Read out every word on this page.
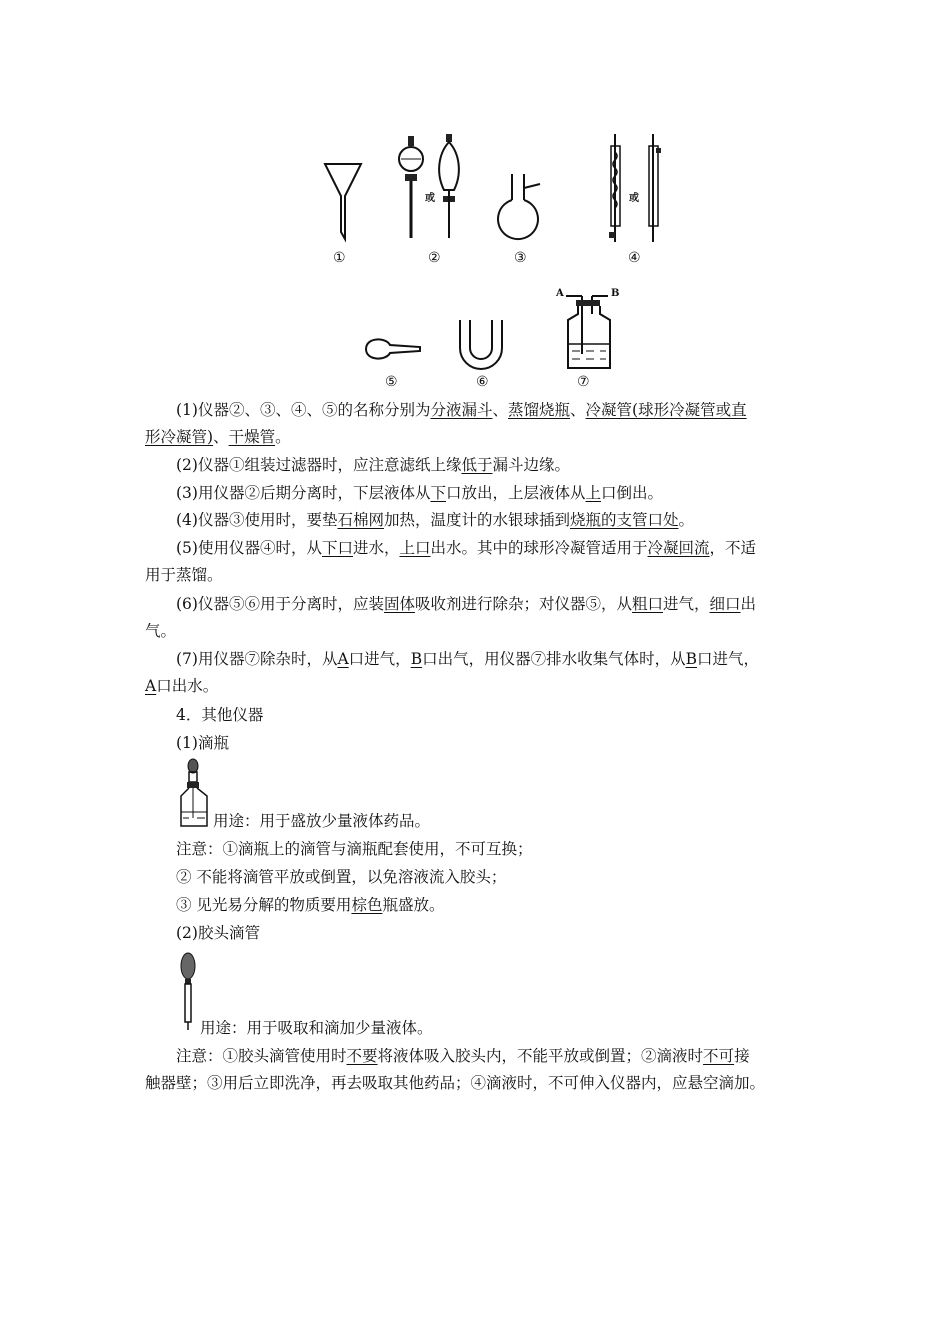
①
或
②	③
或
④
⑤	⑥
A	B
⑦

(1)仪器②、③、④、⑤的名称分别为分液漏斗、蒸馏烧瓶、冷凝管(球形冷凝管或直
形冷凝管)、干燥管。

(2)仪器①组装过滤器时，应注意滤纸上缘低于漏斗边缘。

(3)用仪器②后期分离时，下层液体从下口放出，上层液体从上口倒出。

(4)仪器③使用时，要垫石棉网加热，温度计的水银球插到烧瓶的支管口处。

(5)使用仪器④时，从下口进水，上口出水。其中的球形冷凝管适用于冷凝回流，不适
用于蒸馏。

(6)仪器⑤⑥用于分离时，应装固体吸收剂进行除杂；对仪器⑤，从粗口进气，细口出
气。

(7)用仪器⑦除杂时，从A口进气，B口出气，用仪器⑦排水收集气体时，从B口进气，
A口出水。

4．其他仪器

(1)滴瓶

用途：用于盛放少量液体药品。

注意：①滴瓶上的滴管与滴瓶配套使用，不可互换；

② 不能将滴管平放或倒置，以免溶液流入胶头；

③ 见光易分解的物质要用棕色瓶盛放。

(2)胶头滴管

用途：用于吸取和滴加少量液体。

注意：①胶头滴管使用时不要将液体吸入胶头内，不能平放或倒置；②滴液时不可接
触器壁；③用后立即洗净，再去吸取其他药品；④滴液时，不可伸入仪器内，应悬空滴加。
